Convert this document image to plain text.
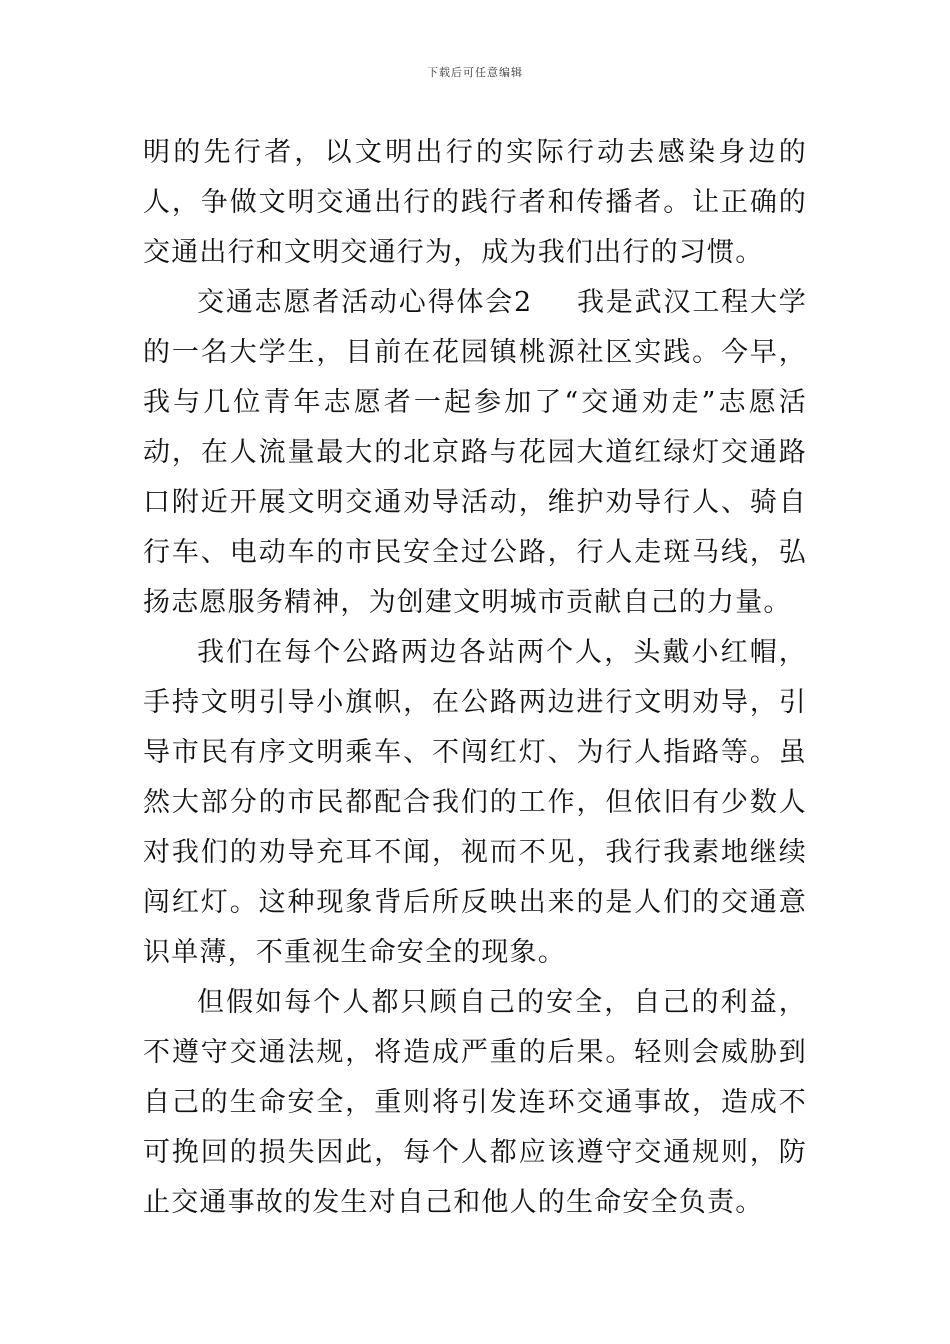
下载后可任意编辑

明的先行者，以文明出行的实际行动去感染身边的人，争做文明交通出行的践行者和传播者。让正确的交通出行和文明交通行为，成为我们出行的习惯。

交通志愿者活动心得体会2 我是武汉工程大学的一名大学生，目前在花园镇桃源社区实践。今早，我与几位青年志愿者一起参加了“交通劝走”志愿活动，在人流量最大的北京路与花园大道红绿灯交通路口附近开展文明交通劝导活动，维护劝导行人、骑自行车、电动车的市民安全过公路，行人走斑马线，弘扬志愿服务精神，为创建文明城市贡献自己的力量。

我们在每个公路两边各站两个人，头戴小红帽，手持文明引导小旗帜，在公路两边进行文明劝导，引导市民有序文明乘车、不闯红灯、为行人指路等。虽然大部分的市民都配合我们的工作，但依旧有少数人对我们的劝导充耳不闻，视而不见，我行我素地继续闯红灯。这种现象背后所反映出来的是人们的交通意识单薄，不重视生命安全的现象。

但假如每个人都只顾自己的安全，自己的利益，不遵守交通法规，将造成严重的后果。轻则会威胁到自己的生命安全，重则将引发连环交通事故，造成不可挽回的损失因此，每个人都应该遵守交通规则，防止交通事故的发生对自己和他人的生命安全负责。
